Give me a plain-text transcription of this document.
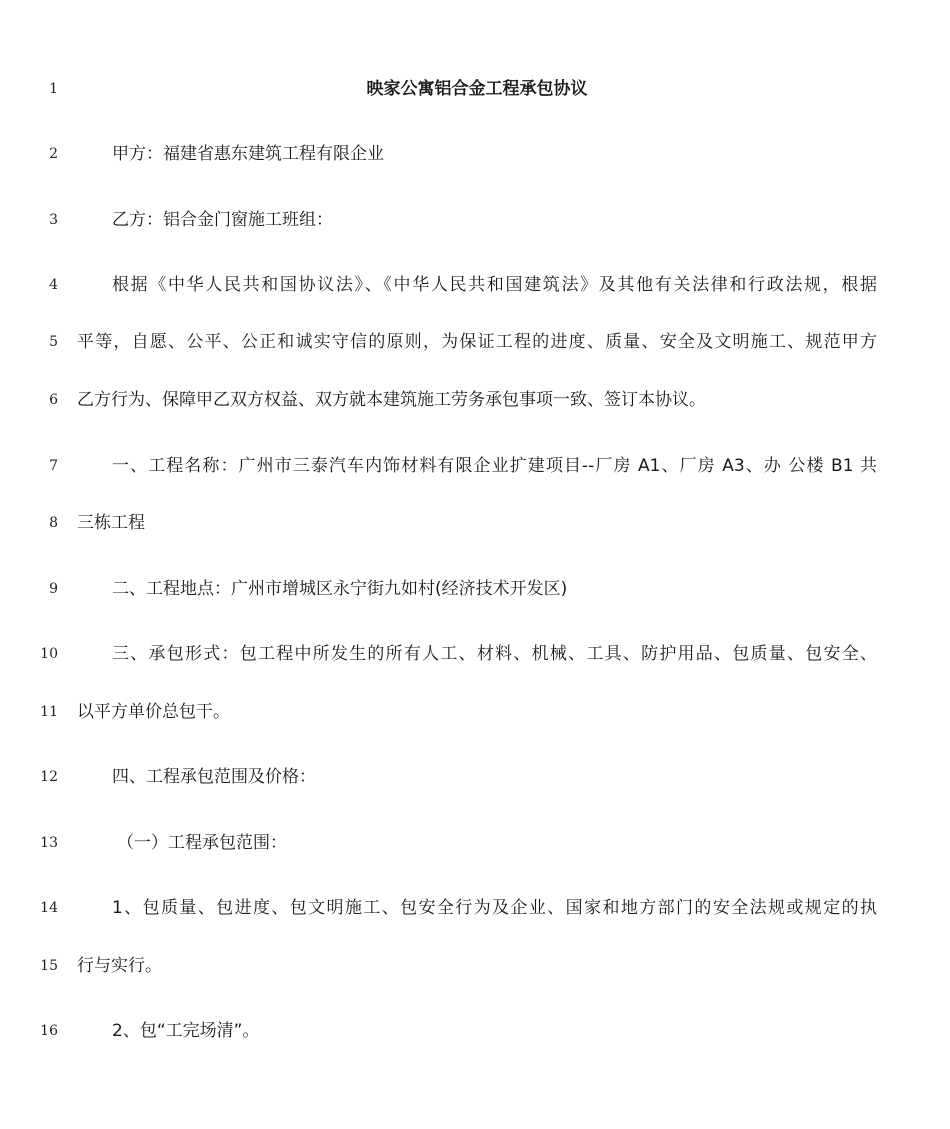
1	映家公寓铝合金工程承包协议
2	甲方：福建省惠东建筑工程有限企业
3	乙方：铝合金门窗施工班组：
4	根据《中华人民共和国协议法》、《中华人民共和国建筑法》及其他有关法律和行政法规，根据
5 平等，自愿、公平、公正和诚实守信的原则，为保证工程的进度、质量、安全及文明施工、规范甲方
6 乙方行为、保障甲乙双方权益、双方就本建筑施工劳务承包事项一致、签订本协议。
7	一、工程名称：广州市三泰汽车内饰材料有限企业扩建项目--厂房 A1、厂房 A3、办 公楼 B1 共
8 三栋工程
9	二、工程地点：广州市增城区永宁街九如村(经济技术开发区)
10	三、承包形式：包工程中所发生的所有人工、材料、机械、工具、防护用品、包质量、包安全、
11 以平方单价总包干。
12	四、工程承包范围及价格：
13	（一）工程承包范围：
14	1、包质量、包进度、包文明施工、包安全行为及企业、国家和地方部门的安全法规或规定的执
15 行与实行。
16	2、包“工完场清”。
